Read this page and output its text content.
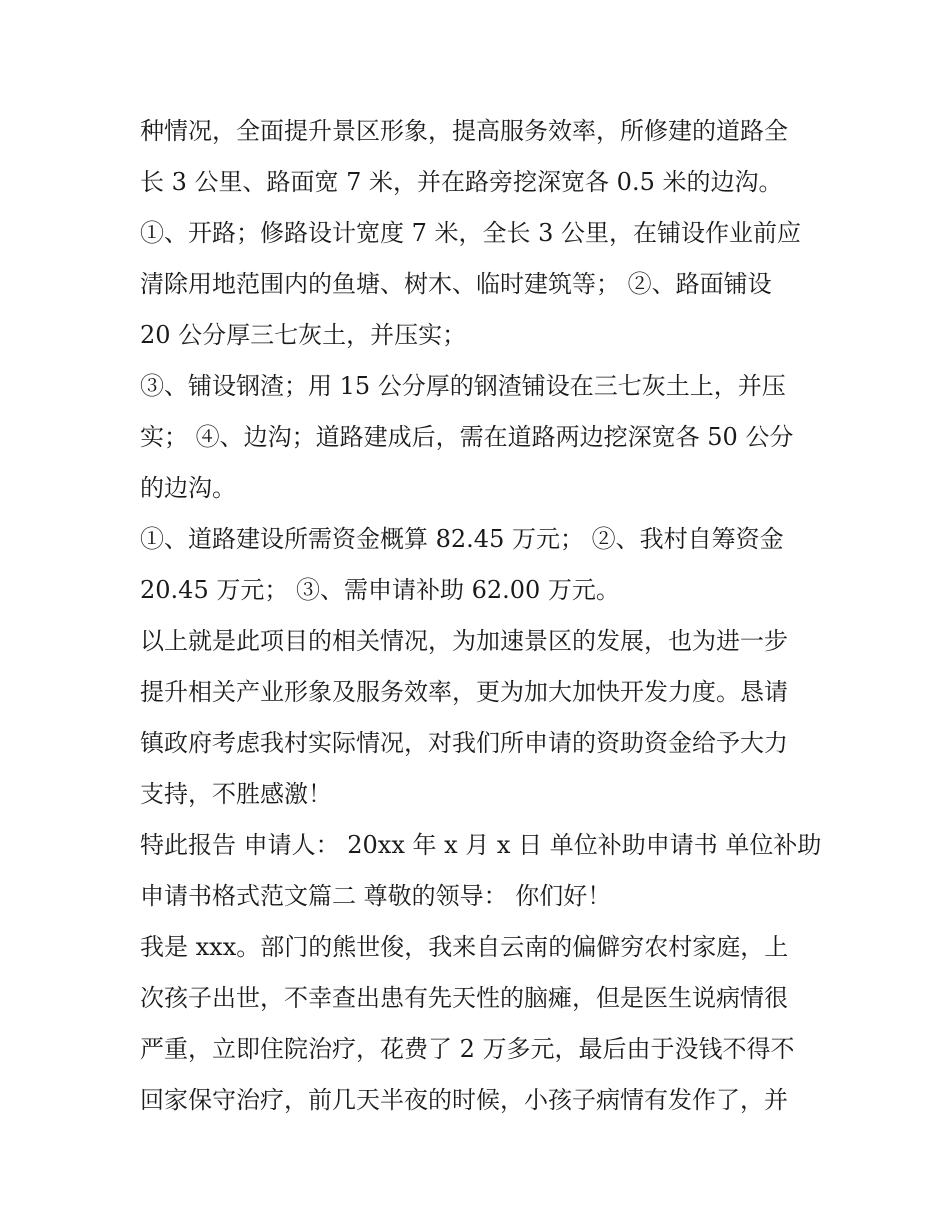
种情况，全面提升景区形象，提高服务效率，所修建的道路全
长 3 公里、路面宽 7 米，并在路旁挖深宽各 0.5 米的边沟。

①、开路；修路设计宽度 7 米，全长 3 公里，在铺设作业前应
清除用地范围内的鱼塘、树木、临时建筑等； ②、路面铺设
20 公分厚三七灰土，并压实；

③、铺设钢渣；用 15 公分厚的钢渣铺设在三七灰土上，并压
实； ④、边沟；道路建成后，需在道路两边挖深宽各 50 公分
的边沟。

①、道路建设所需资金概算 82.45 万元； ②、我村自筹资金
20.45 万元； ③、需申请补助 62.00 万元。

以上就是此项目的相关情况，为加速景区的发展，也为进一步
提升相关产业形象及服务效率，更为加大加快开发力度。恳请
镇政府考虑我村实际情况，对我们所申请的资助资金给予大力
支持，不胜感激！

特此报告 申请人： 20xx 年 x 月 x 日 单位补助申请书 单位补助
申请书格式范文篇二 尊敬的领导： 你们好！

我是 xxx。部门的熊世俊，我来自云南的偏僻穷农村家庭，上
次孩子出世，不幸查出患有先天性的脑瘫，但是医生说病情很
严重，立即住院治疗，花费了 2 万多元，最后由于没钱不得不
回家保守治疗，前几天半夜的时候，小孩子病情有发作了，并
